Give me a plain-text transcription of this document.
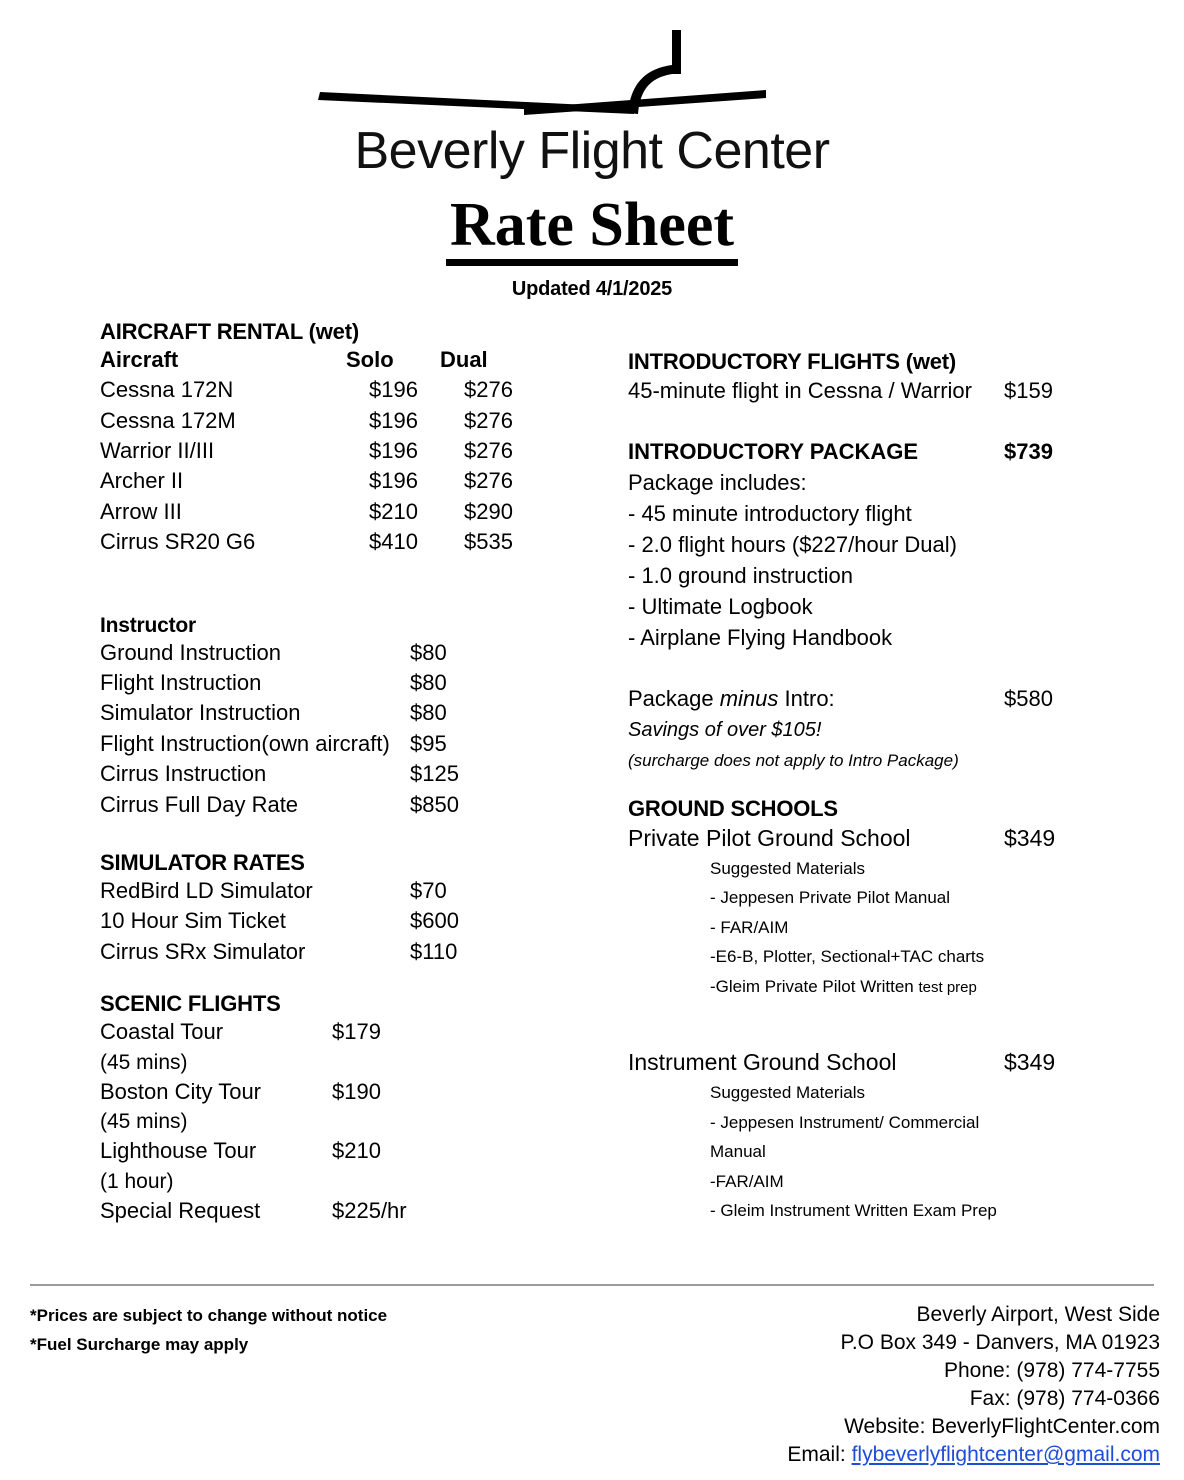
Beverly Flight Center
Rate Sheet
Updated 4/1/2025
AIRCRAFT RENTAL (wet)
Aircraft	Solo	Dual
Cessna 172N	$196	$276
Cessna 172M	$196	$276
Warrior II/III	$196	$276
Archer II	$196	$276
Arrow III	$210	$290
Cirrus SR20 G6	$410	$535
Instructor
Ground Instruction	$80
Flight Instruction	$80
Simulator Instruction	$80
Flight Instruction(own aircraft) $95
Cirrus Instruction	$125
Cirrus Full Day Rate	$850
SIMULATOR RATES
RedBird LD Simulator	$70
10 Hour Sim Ticket	$600
Cirrus SRx Simulator	$110
SCENIC FLIGHTS
Coastal Tour	$179
(45 mins)
Boston City Tour	$190
(45 mins)
Lighthouse Tour	$210
(1 hour)
Special Request	$225/hr
INTRODUCTORY FLIGHTS (wet)
45-minute flight in Cessna / Warrior	$159
INTRODUCTORY PACKAGE	$739
Package includes:
- 45 minute introductory flight
- 2.0 flight hours ($227/hour Dual)
- 1.0 ground instruction
- Ultimate Logbook
- Airplane Flying Handbook
Package minus Intro:	$580
Savings of over $105!
(surcharge does not apply to Intro Package)
GROUND SCHOOLS
Private Pilot Ground School	$349
Suggested Materials
- Jeppesen Private Pilot Manual
- FAR/AIM
-E6-B, Plotter, Sectional+TAC charts
-Gleim Private Pilot Written test prep
Instrument Ground School	$349
Suggested Materials
- Jeppesen Instrument/ Commercial
Manual
-FAR/AIM
- Gleim Instrument Written Exam Prep
*Prices are subject to change without notice
*Fuel Surcharge may apply
Beverly Airport, West Side
P.O Box 349 - Danvers, MA 01923
Phone: (978) 774-7755
Fax: (978) 774-0366
Website: BeverlyFlightCenter.com
Email: flybeverlyflightcenter@gmail.com
